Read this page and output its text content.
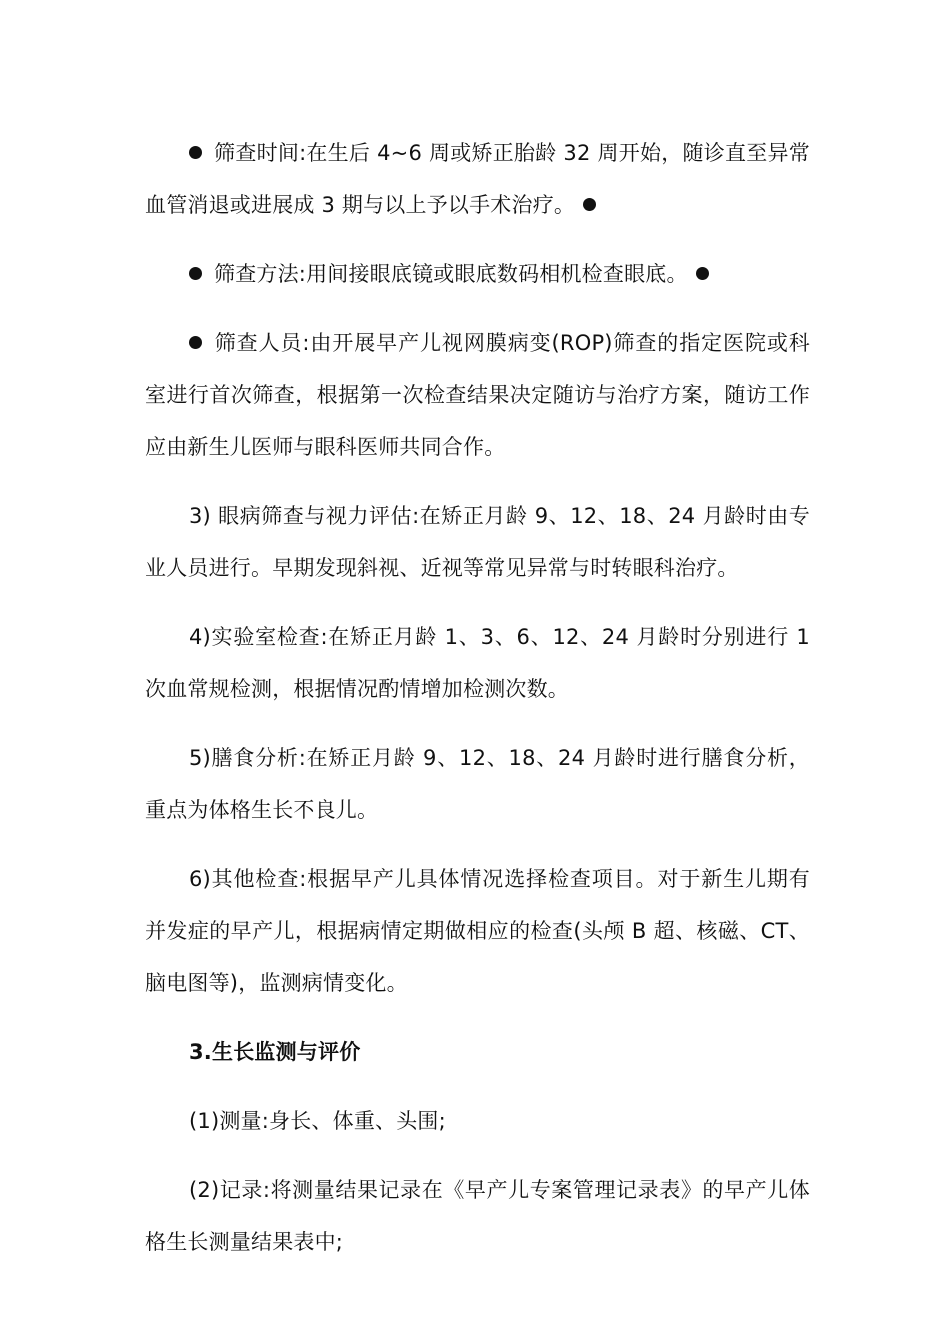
筛查时间:在生后 4~6 周或矫正胎龄 32 周开始，随诊直至异常血管消退或进展成 3 期与以上予以手术治疗。

筛查方法:用间接眼底镜或眼底数码相机检查眼底。

筛查人员:由开展早产儿视网膜病变(ROP)筛查的指定医院或科室进行首次筛查，根据第一次检查结果决定随访与治疗方案，随访工作应由新生儿医师与眼科医师共同合作。

3) 眼病筛查与视力评估:在矫正月龄 9、12、18、24 月龄时由专业人员进行。早期发现斜视、近视等常见异常与时转眼科治疗。

4)实验室检查:在矫正月龄 1、3、6、12、24 月龄时分别进行 1 次血常规检测，根据情况酌情增加检测次数。

5)膳食分析:在矫正月龄 9、12、18、24 月龄时进行膳食分析，重点为体格生长不良儿。

6)其他检查:根据早产儿具体情况选择检查项目。对于新生儿期有并发症的早产儿，根据病情定期做相应的检查(头颅 B 超、核磁、CT、脑电图等)，监测病情变化。

3.生长监测与评价

(1)测量:身长、体重、头围;

(2)记录:将测量结果记录在《早产儿专案管理记录表》的早产儿体格生长测量结果表中;
